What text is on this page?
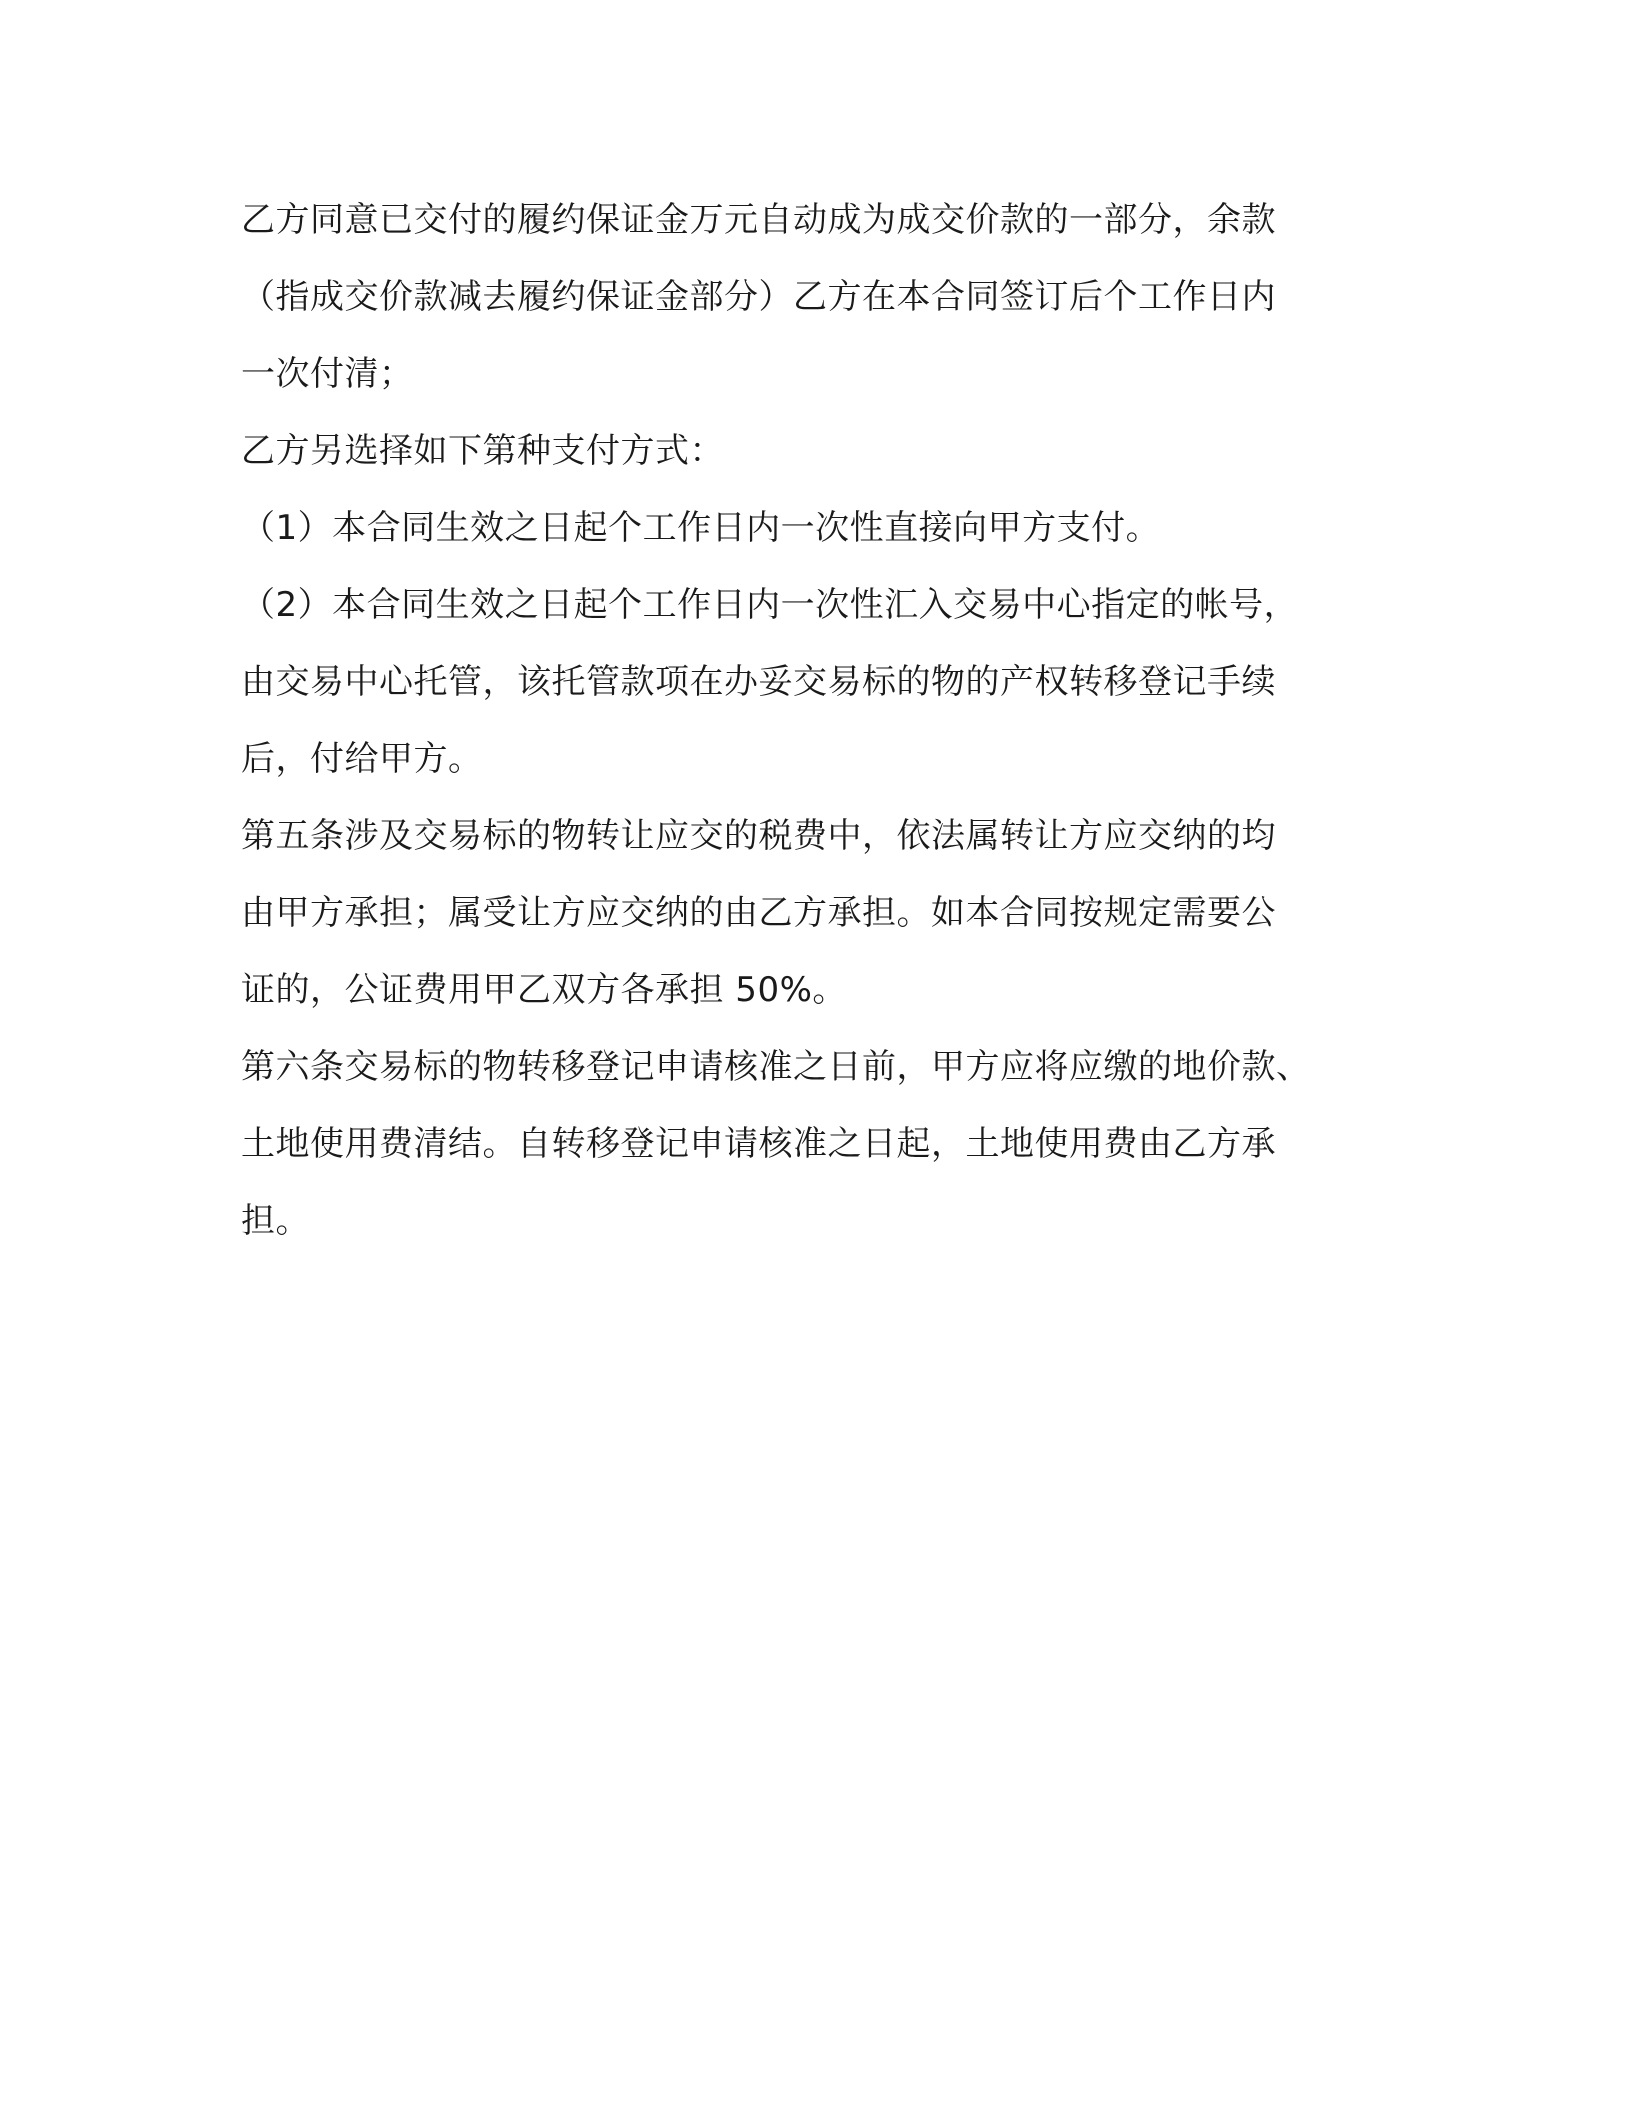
乙方同意已交付的履约保证金万元自动成为成交价款的一部分，余款
（指成交价款减去履约保证金部分）乙方在本合同签订后个工作日内
一次付清；

乙方另选择如下第种支付方式：

（1）本合同生效之日起个工作日内一次性直接向甲方支付。

（2）本合同生效之日起个工作日内一次性汇入交易中心指定的帐号，
由交易中心托管，该托管款项在办妥交易标的物的产权转移登记手续
后，付给甲方。

第五条涉及交易标的物转让应交的税费中，依法属转让方应交纳的均
由甲方承担；属受让方应交纳的由乙方承担。如本合同按规定需要公
证的，公证费用甲乙双方各承担 50%。

第六条交易标的物转移登记申请核准之日前，甲方应将应缴的地价款、
土地使用费清结。自转移登记申请核准之日起，土地使用费由乙方承
担。
